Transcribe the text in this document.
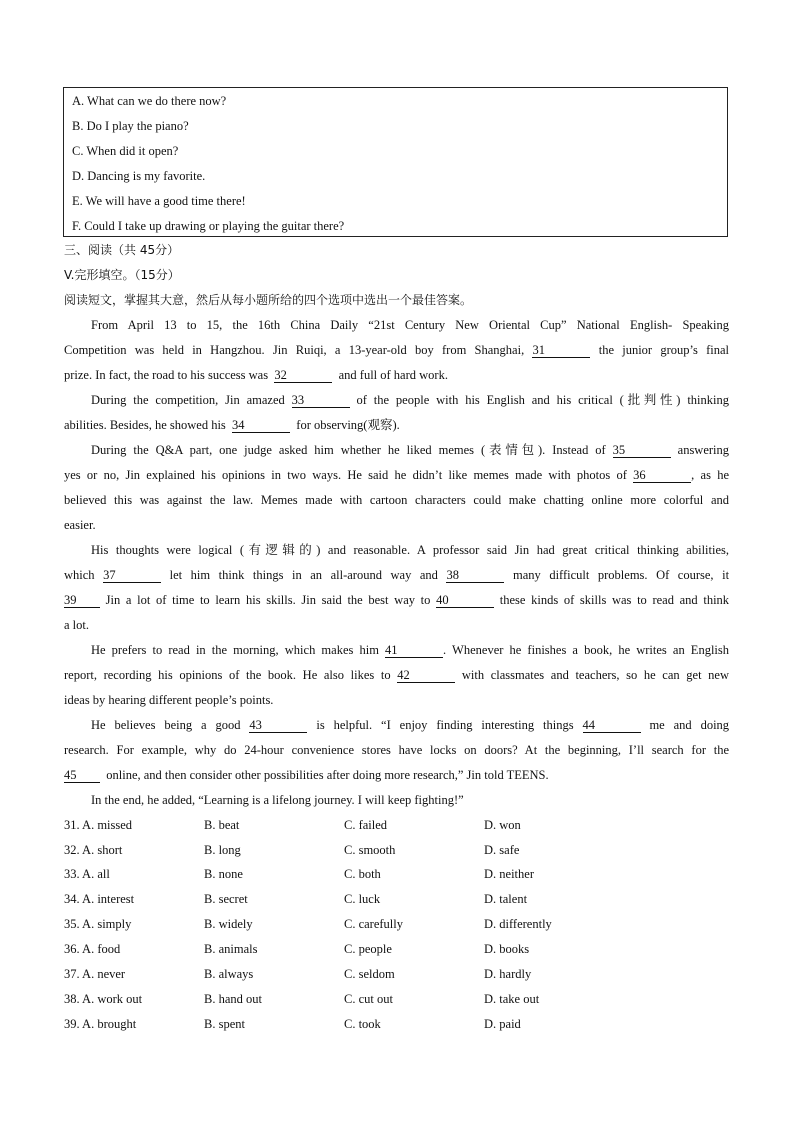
A. What can we do there now?
B. Do I play the piano?
C. When did it open?
D. Dancing is my favorite.
E. We will have a good time there!
F. Could I take up drawing or playing the guitar there?
三、阅读（共 45分）
V.完形填空。（15分）
阅读短文，掌握其大意，然后从每小题所给的四个选项中选出一个最佳答案。
From April 13 to 15, the 16th China Daily “21st Century New Oriental Cup” National English- Speaking
Competition was held in Hangzhou. Jin Ruiqi, a 13-year-old boy from Shanghai, 31	the junior group’s final
prize. In fact, the road to his success was 32	and full of hard work.
During the competition, Jin amazed 33	of the people with his English and his critical (批判性) thinking
abilities. Besides, he showed his 34	for observing(观察).
During the Q&A part, one judge asked him whether he liked memes (表情包). Instead of 35	answering
yes or no, Jin explained his opinions in two ways. He said he didn’t like memes made with photos of 36	, as he
believed this was against the law. Memes made with cartoon characters could make chatting online more colorful and
easier.
His thoughts were logical (有逻辑的) and reasonable. A professor said Jin had great critical thinking abilities,
which 37	let him think things in an all-around way and 38	many difficult problems. Of course, it
39 Jin a lot of time to learn his skills. Jin said the best way to 40	these kinds of skills was to read and think
a lot.
He prefers to read in the morning, which makes him 41	. Whenever he finishes a book, he writes an English
report, recording his opinions of the book. He also likes to 42	with classmates and teachers, so he can get new
ideas by hearing different people’s points.
He believes being a good 43	is helpful. “I enjoy finding interesting things 44	me and doing
research. For example, why do 24-hour convenience stores have locks on doors? At the beginning, I’ll search for the
45 online, and then consider other possibilities after doing more research,” Jin told TEENS.
In the end, he added, “Learning is a lifelong journey. I will keep fighting!”
31. A. missed	B. beat	C. failed	D. won
32. A. short	B. long	C. smooth	D. safe
33. A. all	B. none	C. both	D. neither
34. A. interest	B. secret	C. luck	D. talent
35. A. simply	B. widely	C. carefully	D. differently
36. A. food	B. animals	C. people	D. books
37. A. never	B. always	C. seldom	D. hardly
38. A. work out	B. hand out	C. cut out	D. take out
39. A. brought	B. spent	C. took	D. paid
